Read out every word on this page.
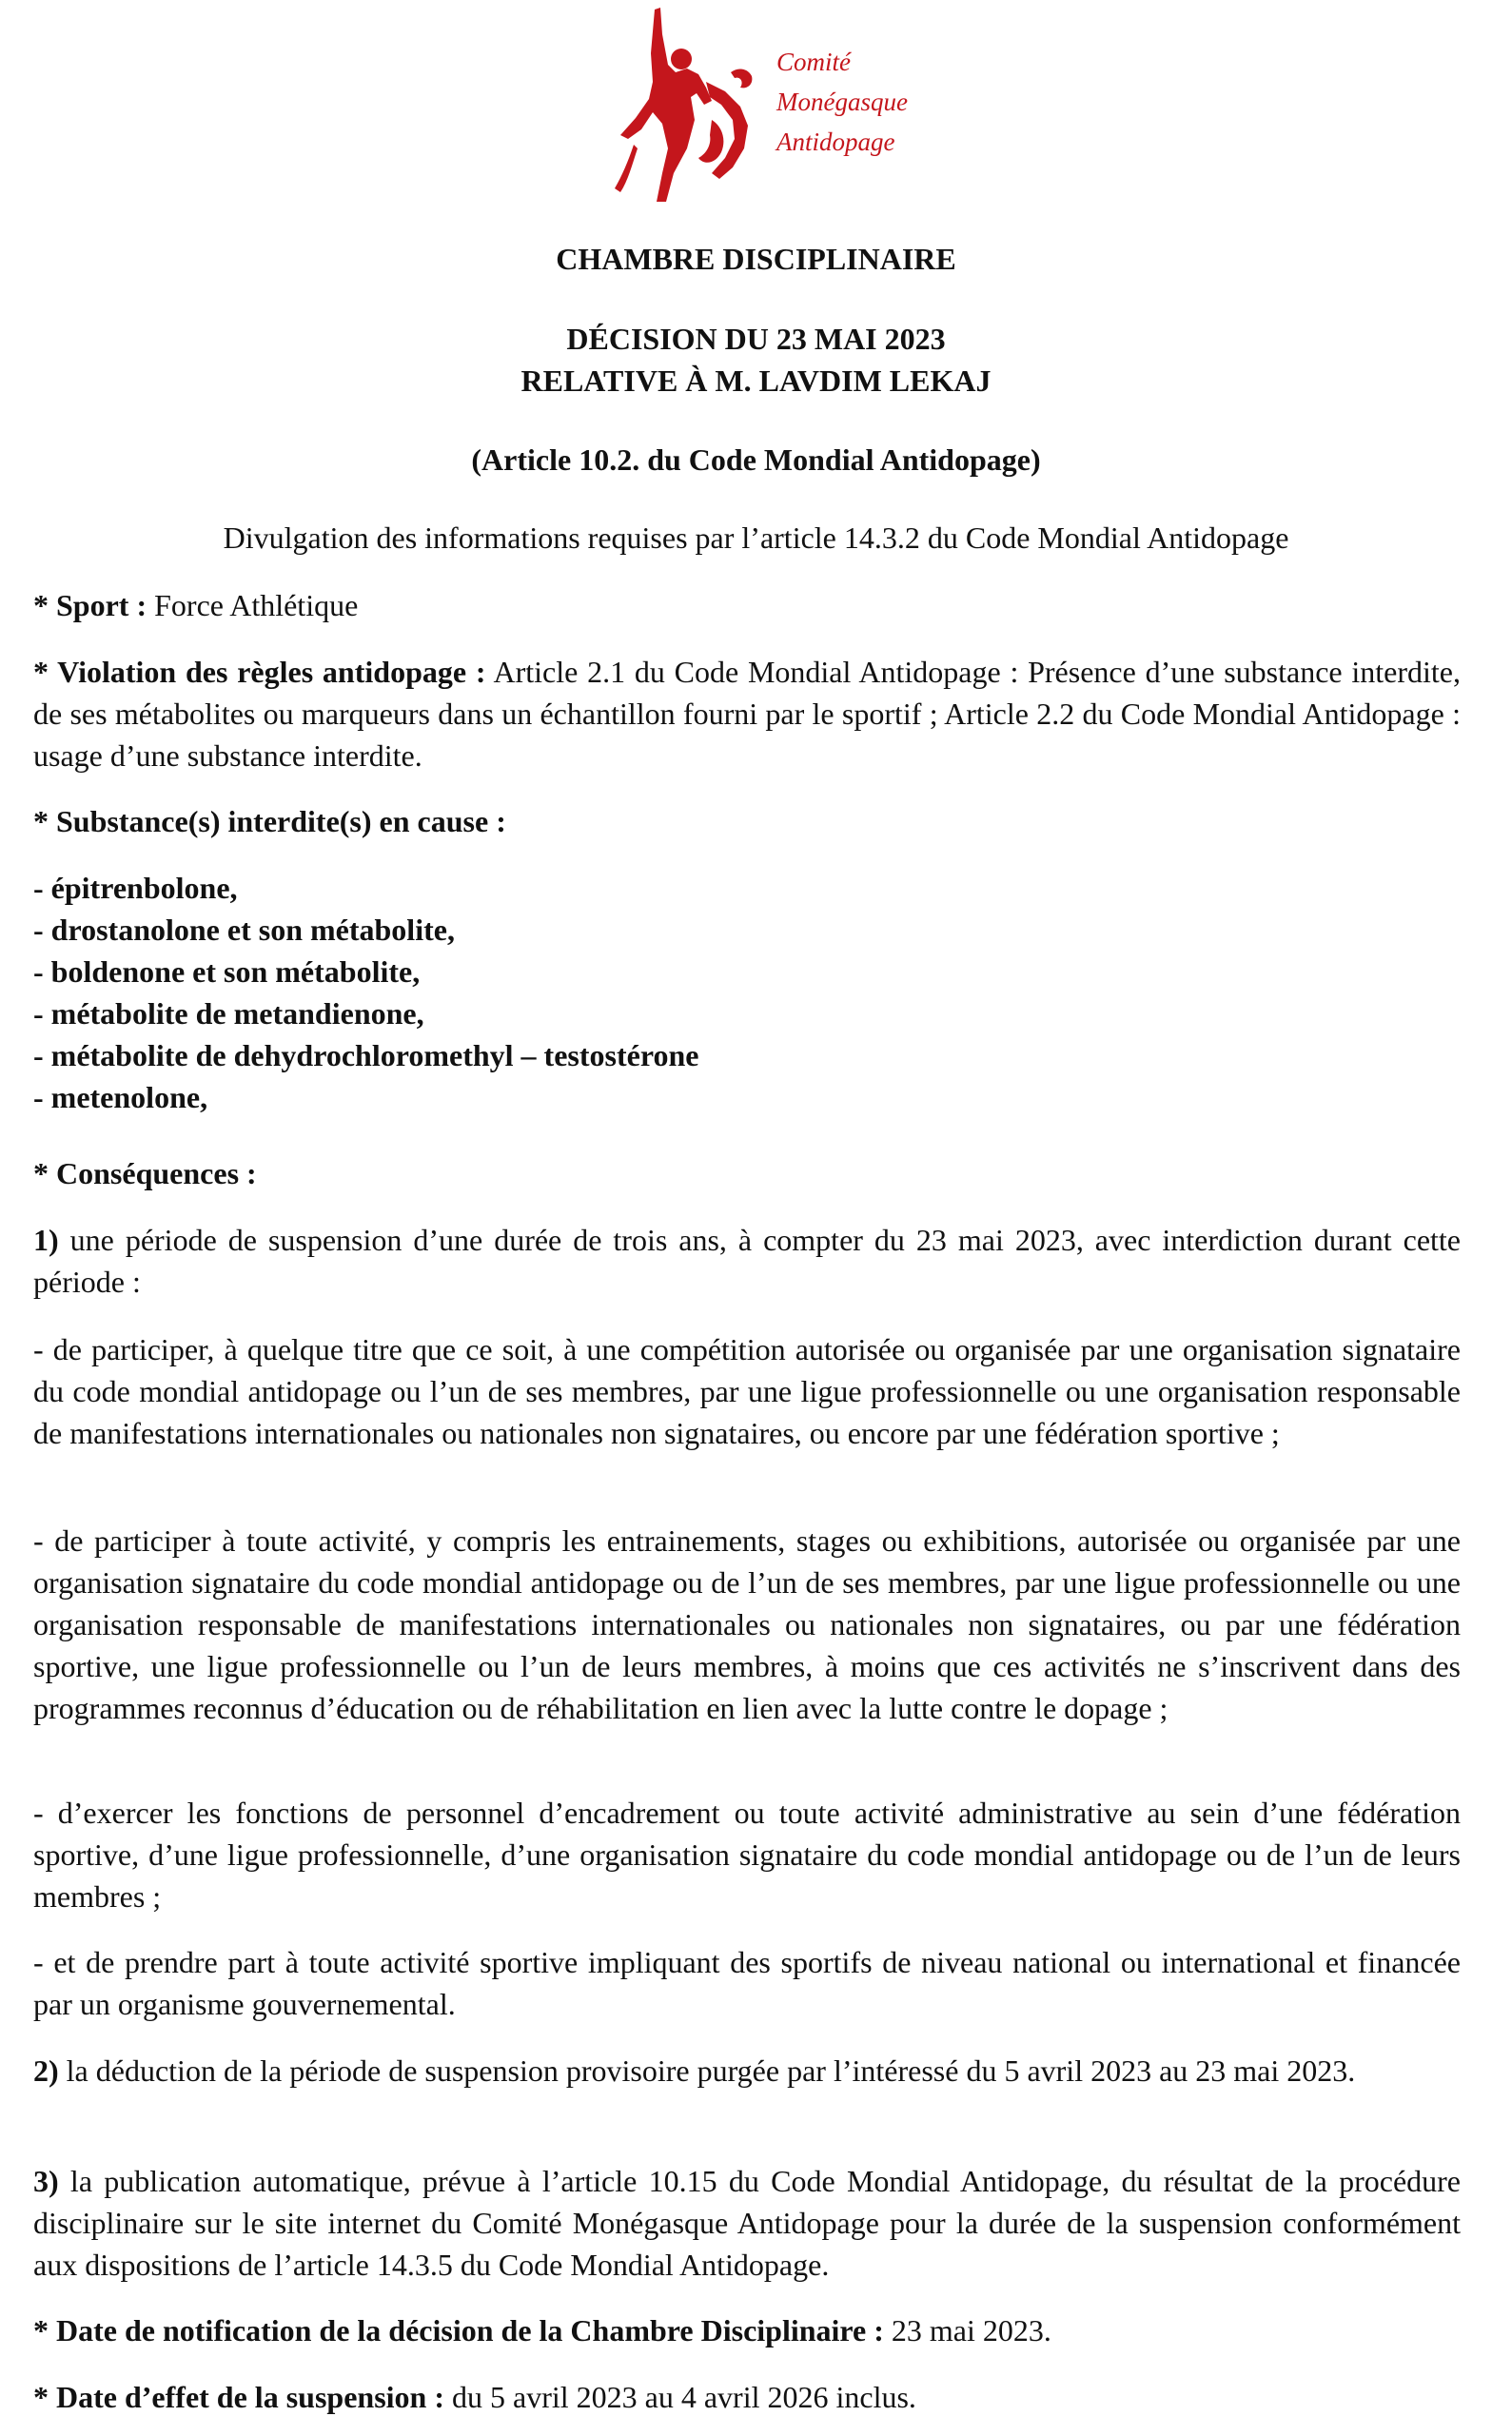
Comité
Monégasque
Antidopage
CHAMBRE DISCIPLINAIRE
DÉCISION DU 23 MAI 2023
RELATIVE À M. LAVDIM LEKAJ
(Article 10.2. du Code Mondial Antidopage)
Divulgation des informations requises par l’article 14.3.2 du Code Mondial Antidopage
* Sport : Force Athlétique
* Violation des règles antidopage : Article 2.1 du Code Mondial Antidopage : Présence d’une substance interdite, de ses métabolites ou marqueurs dans un échantillon fourni par le sportif ; Article 2.2 du Code Mondial Antidopage : usage d’une substance interdite.
* Substance(s) interdite(s) en cause :
- épitrenbolone,
- drostanolone et son métabolite,
- boldenone et son métabolite,
- métabolite de metandienone,
- métabolite de dehydrochloromethyl – testostérone
- metenolone,
* Conséquences :
1) une période de suspension d’une durée de trois ans, à compter du 23 mai 2023, avec interdiction durant cette période :
- de participer, à quelque titre que ce soit, à une compétition autorisée ou organisée par une organisation signataire du code mondial antidopage ou l’un de ses membres, par une ligue professionnelle ou une organisation responsable de manifestations internationales ou nationales non signataires, ou encore par une fédération sportive ;
- de participer à toute activité, y compris les entrainements, stages ou exhibitions, autorisée ou organisée par une organisation signataire du code mondial antidopage ou de l’un de ses membres, par une ligue professionnelle ou une organisation responsable de manifestations internationales ou nationales non signataires, ou par une fédération sportive, une ligue professionnelle ou l’un de leurs membres, à moins que ces activités ne s’inscrivent dans des programmes reconnus d’éducation ou de réhabilitation en lien avec la lutte contre le dopage ;
- d’exercer les fonctions de personnel d’encadrement ou toute activité administrative au sein d’une fédération sportive, d’une ligue professionnelle, d’une organisation signataire du code mondial antidopage ou de l’un de leurs membres ;
- et de prendre part à toute activité sportive impliquant des sportifs de niveau national ou international et financée par un organisme gouvernemental.
2) la déduction de la période de suspension provisoire purgée par l’intéressé du 5 avril 2023 au 23 mai 2023.
3) la publication automatique, prévue à l’article 10.15 du Code Mondial Antidopage, du résultat de la procédure disciplinaire sur le site internet du Comité Monégasque Antidopage pour la durée de la suspension conformément aux dispositions de l’article 14.3.5 du Code Mondial Antidopage.
* Date de notification de la décision de la Chambre Disciplinaire : 23 mai 2023.
* Date d’effet de la suspension : du 5 avril 2023 au 4 avril 2026 inclus.
